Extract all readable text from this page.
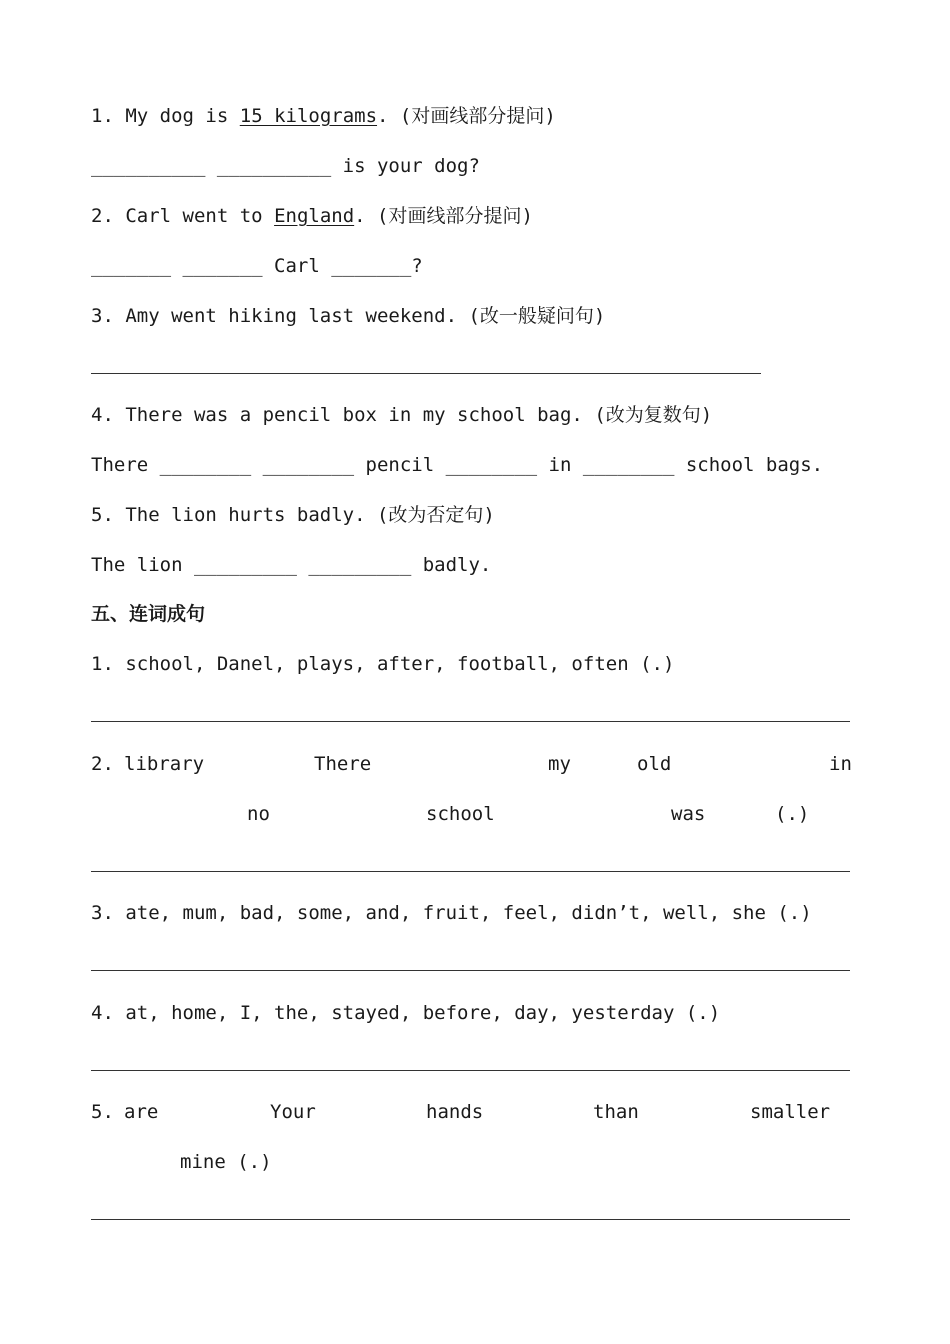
1. My dog is 15 kilograms. (对画线部分提问)
__________ __________ is your dog?
2. Carl went to England. (对画线部分提问)
_______ _______ Carl _______?
3. Amy went hiking last weekend. (改一般疑问句)
4. There was a pencil box in my school bag. (改为复数句)
There ________ ________ pencil ________ in ________ school bags.
5. The lion hurts badly. (改为否定句)
The lion _________ _________ badly.
五、连词成句
1. school, Danel, plays, after, football, often (.)
2. library	There	my	old	in
no	school	was	(.)
3. ate, mum, bad, some, and, fruit, feel, didn’t, well, she (.)
4. at, home, I, the, stayed, before, day, yesterday (.)
5. are	Your	hands	than	smaller
mine (.)
